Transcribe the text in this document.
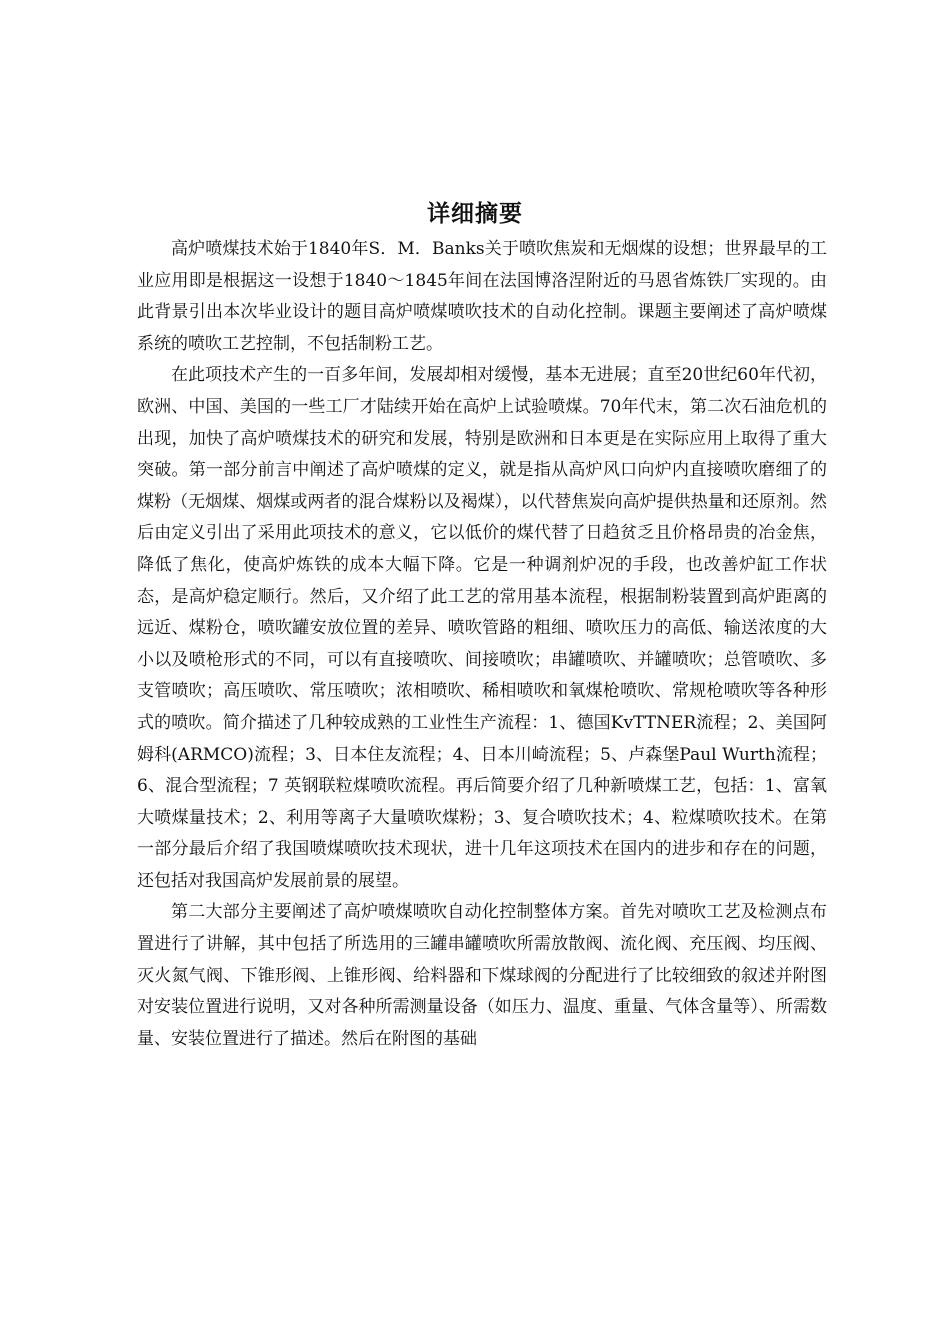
详细摘要

高炉喷煤技术始于1840年S．M．Banks关于喷吹焦炭和无烟煤的设想；世界最早的工业应用即是根据这一设想于1840～1845年间在法国博洛涅附近的马恩省炼铁厂实现的。由此背景引出本次毕业设计的题目高炉喷煤喷吹技术的自动化控制。课题主要阐述了高炉喷煤系统的喷吹工艺控制，不包括制粉工艺。

在此项技术产生的一百多年间，发展却相对缓慢，基本无进展；直至20世纪60年代初，欧洲、中国、美国的一些工厂才陆续开始在高炉上试验喷煤。70年代末，第二次石油危机的出现，加快了高炉喷煤技术的研究和发展，特别是欧洲和日本更是在实际应用上取得了重大突破。第一部分前言中阐述了高炉喷煤的定义，就是指从高炉风口向炉内直接喷吹磨细了的煤粉（无烟煤、烟煤或两者的混合煤粉以及褐煤），以代替焦炭向高炉提供热量和还原剂。然后由定义引出了采用此项技术的意义，它以低价的煤代替了日趋贫乏且价格昂贵的冶金焦，降低了焦化，使高炉炼铁的成本大幅下降。它是一种调剂炉况的手段，也改善炉缸工作状态，是高炉稳定顺行。然后，又介绍了此工艺的常用基本流程，根据制粉装置到高炉距离的远近、煤粉仓，喷吹罐安放位置的差异、喷吹管路的粗细、喷吹压力的高低、输送浓度的大小以及喷枪形式的不同，可以有直接喷吹、间接喷吹；串罐喷吹、并罐喷吹；总管喷吹、多支管喷吹；高压喷吹、常压喷吹；浓相喷吹、稀相喷吹和氧煤枪喷吹、常规枪喷吹等各种形式的喷吹。简介描述了几种较成熟的工业性生产流程：1、德国KvTTNER流程；2、美国阿姆科(ARMCO)流程；3、日本住友流程；4、日本川崎流程；5、卢森堡Paul Wurth流程；6、混合型流程；7 英钢联粒煤喷吹流程。再后简要介绍了几种新喷煤工艺，包括：1、富氧大喷煤量技术；2、利用等离子大量喷吹煤粉；3、复合喷吹技术；4、粒煤喷吹技术。在第一部分最后介绍了我国喷煤喷吹技术现状，进十几年这项技术在国内的进步和存在的问题，还包括对我国高炉发展前景的展望。

第二大部分主要阐述了高炉喷煤喷吹自动化控制整体方案。首先对喷吹工艺及检测点布置进行了讲解，其中包括了所选用的三罐串罐喷吹所需放散阀、流化阀、充压阀、均压阀、灭火氮气阀、下锥形阀、上锥形阀、给料器和下煤球阀的分配进行了比较细致的叙述并附图对安装位置进行说明，又对各种所需测量设备（如压力、温度、重量、气体含量等）、所需数量、安装位置进行了描述。然后在附图的基础
